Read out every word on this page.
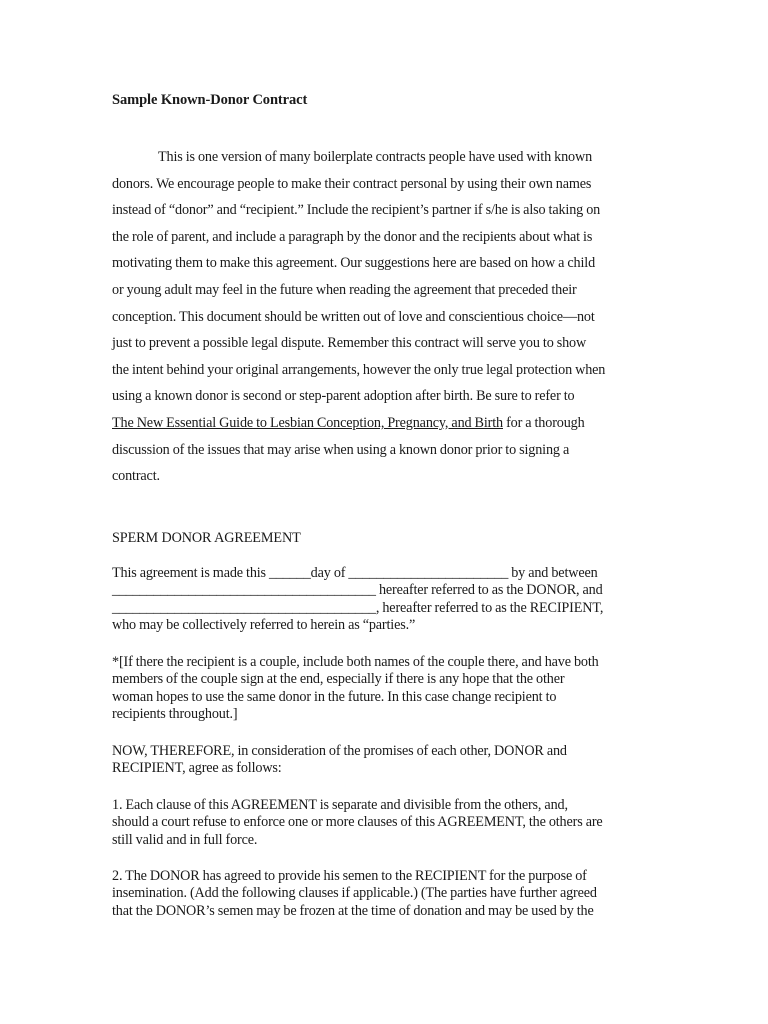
Sample Known-Donor Contract
This is one version of many boilerplate contracts people have used with known
donors. We encourage people to make their contract personal by using their own names
instead of “donor” and “recipient.” Include the recipient’s partner if s/he is also taking on
the role of parent, and include a paragraph by the donor and the recipients about what is
motivating them to make this agreement. Our suggestions here are based on how a child
or young adult may feel in the future when reading the agreement that preceded their
conception. This document should be written out of love and conscientious choice—not
just to prevent a possible legal dispute. Remember this contract will serve you to show
the intent behind your original arrangements, however the only true legal protection when
using a known donor is second or step-parent adoption after birth. Be sure to refer to
The New Essential Guide to Lesbian Conception, Pregnancy, and Birth for a thorough
discussion of the issues that may arise when using a known donor prior to signing a
contract.
SPERM DONOR AGREEMENT
This agreement is made this ______day of _______________________ by and between
______________________________________ hereafter referred to as the DONOR, and
______________________________________, hereafter referred to as the RECIPIENT,
who may be collectively referred to herein as “parties.”
*[If there the recipient is a couple, include both names of the couple there, and have both
members of the couple sign at the end, especially if there is any hope that the other
woman hopes to use the same donor in the future. In this case change recipient to
recipients throughout.]
NOW, THEREFORE, in consideration of the promises of each other, DONOR and
RECIPIENT, agree as follows:
1. Each clause of this AGREEMENT is separate and divisible from the others, and,
should a court refuse to enforce one or more clauses of this AGREEMENT, the others are
still valid and in full force.
2. The DONOR has agreed to provide his semen to the RECIPIENT for the purpose of
insemination. (Add the following clauses if applicable.) (The parties have further agreed
that the DONOR’s semen may be frozen at the time of donation and may be used by the
